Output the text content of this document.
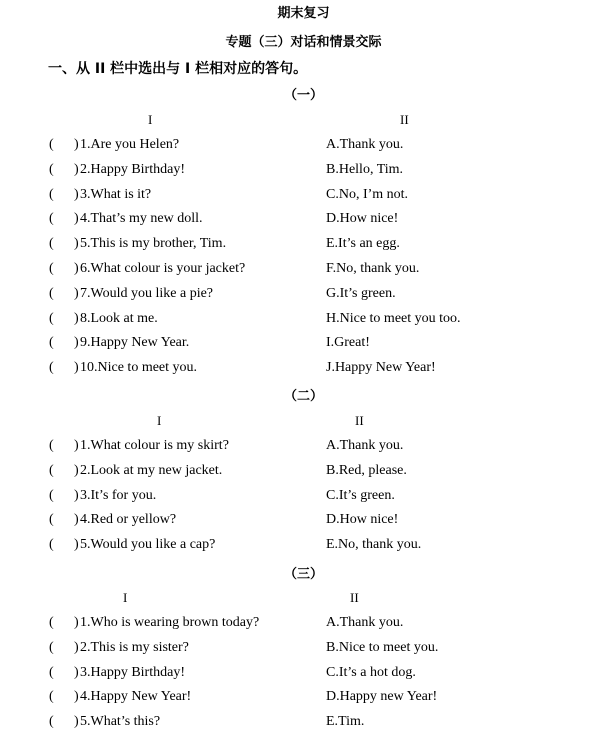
期末复习
专题（三）对话和情景交际
一、从 II 栏中选出与 I 栏相对应的答句。
（一）
I	II
( ) 1.Are you Helen?	A.Thank you.
( ) 2.Happy Birthday!	B.Hello, Tim.
( ) 3.What is it?	C.No, I’m not.
( ) 4.That’s my new doll.	D.How nice!
( ) 5.This is my brother, Tim.	E.It’s an egg.
( ) 6.What colour is your jacket?	F.No, thank you.
( ) 7.Would you like a pie?	G.It’s green.
( ) 8.Look at me.	H.Nice to meet you too.
( ) 9.Happy New Year.	I.Great!
( ) 10.Nice to meet you.	J.Happy New Year!
（二）
I	II
( ) 1.What colour is my skirt?	A.Thank you.
( ) 2.Look at my new jacket.	B.Red, please.
( ) 3.It’s for you.	C.It’s green.
( ) 4.Red or yellow?	D.How nice!
( ) 5.Would you like a cap?	E.No, thank you.
（三）
I	II
( ) 1.Who is wearing brown today?	A.Thank you.
( ) 2.This is my sister?	B.Nice to meet you.
( ) 3.Happy Birthday!	C.It’s a hot dog.
( ) 4.Happy New Year!	D.Happy new Year!
( ) 5.What’s this?	E.Tim.
